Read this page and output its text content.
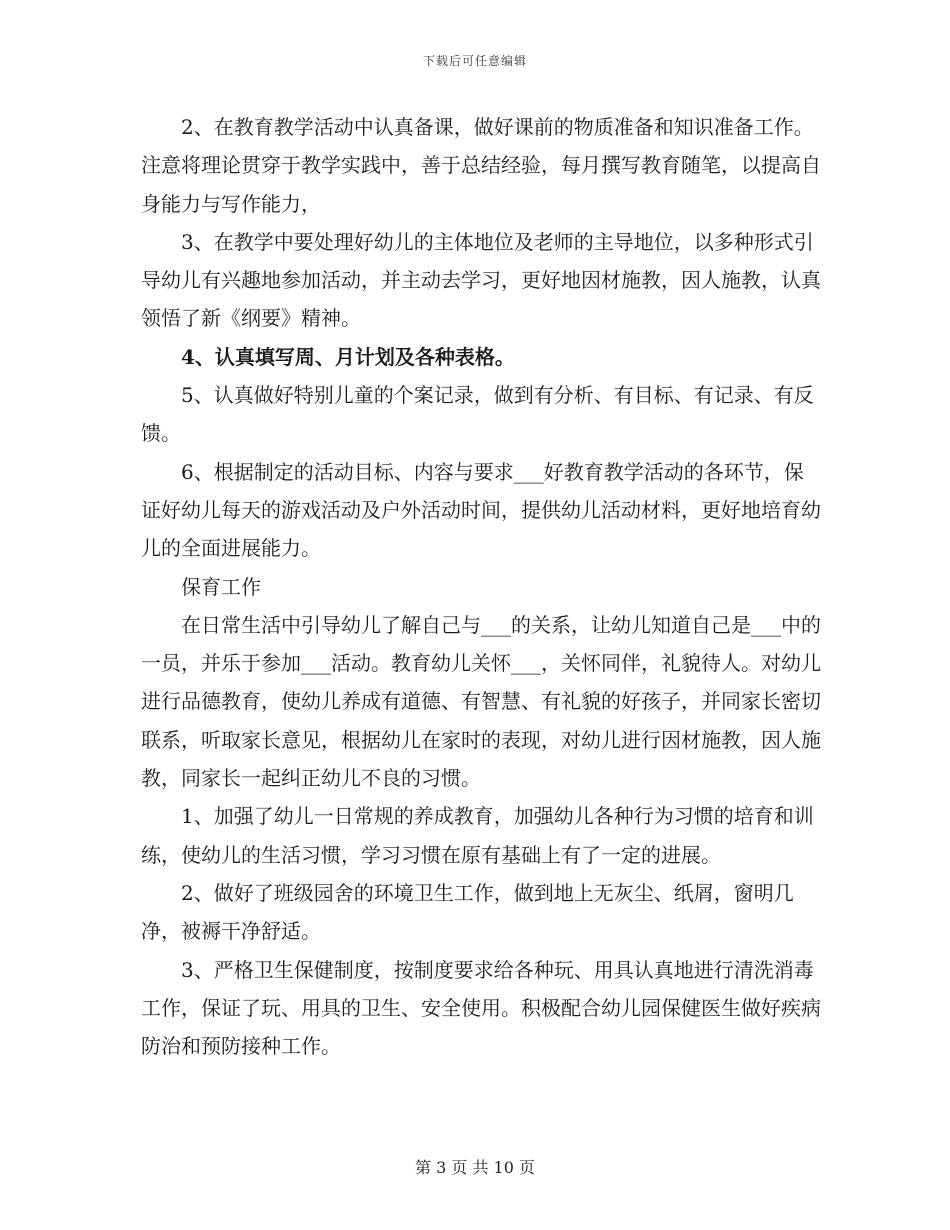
下载后可任意编辑

2、在教育教学活动中认真备课，做好课前的物质准备和知识准备工作。注意将理论贯穿于教学实践中，善于总结经验，每月撰写教育随笔，以提高自身能力与写作能力，

3、在教学中要处理好幼儿的主体地位及老师的主导地位，以多种形式引导幼儿有兴趣地参加活动，并主动去学习，更好地因材施教，因人施教，认真领悟了新《纲要》精神。

4、认真填写周、月计划及各种表格。

5、认真做好特别儿童的个案记录，做到有分析、有目标、有记录、有反馈。

6、根据制定的活动目标、内容与要求___好教育教学活动的各环节，保证好幼儿每天的游戏活动及户外活动时间，提供幼儿活动材料，更好地培育幼儿的全面进展能力。

保育工作

在日常生活中引导幼儿了解自己与___的关系，让幼儿知道自己是___中的一员，并乐于参加___活动。教育幼儿关怀___，关怀同伴，礼貌待人。对幼儿进行品德教育，使幼儿养成有道德、有智慧、有礼貌的好孩子，并同家长密切联系，听取家长意见，根据幼儿在家时的表现，对幼儿进行因材施教，因人施教，同家长一起纠正幼儿不良的习惯。

1、加强了幼儿一日常规的养成教育，加强幼儿各种行为习惯的培育和训练，使幼儿的生活习惯，学习习惯在原有基础上有了一定的进展。

2、做好了班级园舍的环境卫生工作，做到地上无灰尘、纸屑，窗明几净，被褥干净舒适。

3、严格卫生保健制度，按制度要求给各种玩、用具认真地进行清洗消毒工作，保证了玩、用具的卫生、安全使用。积极配合幼儿园保健医生做好疾病防治和预防接种工作。

第 3 页 共 10 页
